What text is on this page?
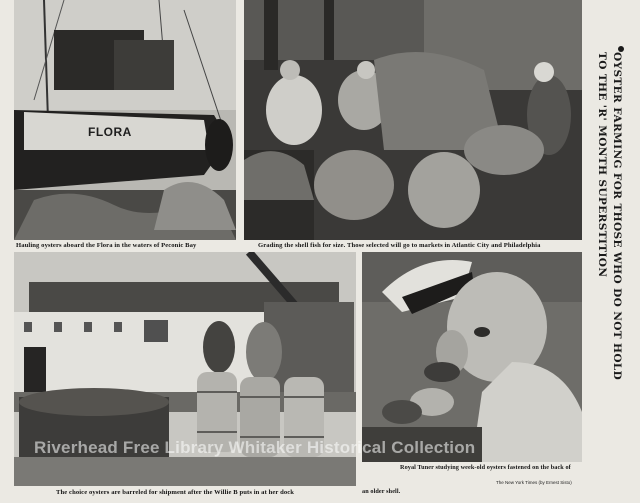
FLORA
Hauling oysters aboard the Flora in the waters of Peconic Bay	Grading the shell fish for size. Those selected will go to markets in Atlantic City and Philadelphia
The choice oysters are barreled for shipment after the Willie B puts in at her dock
Royal Tuner studying week-old oysters fastened on the back of
an older shell.
The New York Times (by Ernest Sisto)
OYSTER FARMING FOR THOSE WHO DO NOT HOLD
TO THE 'R' MONTH SUPERSTITION
Riverhead Free Library Whitaker Historical Collection
